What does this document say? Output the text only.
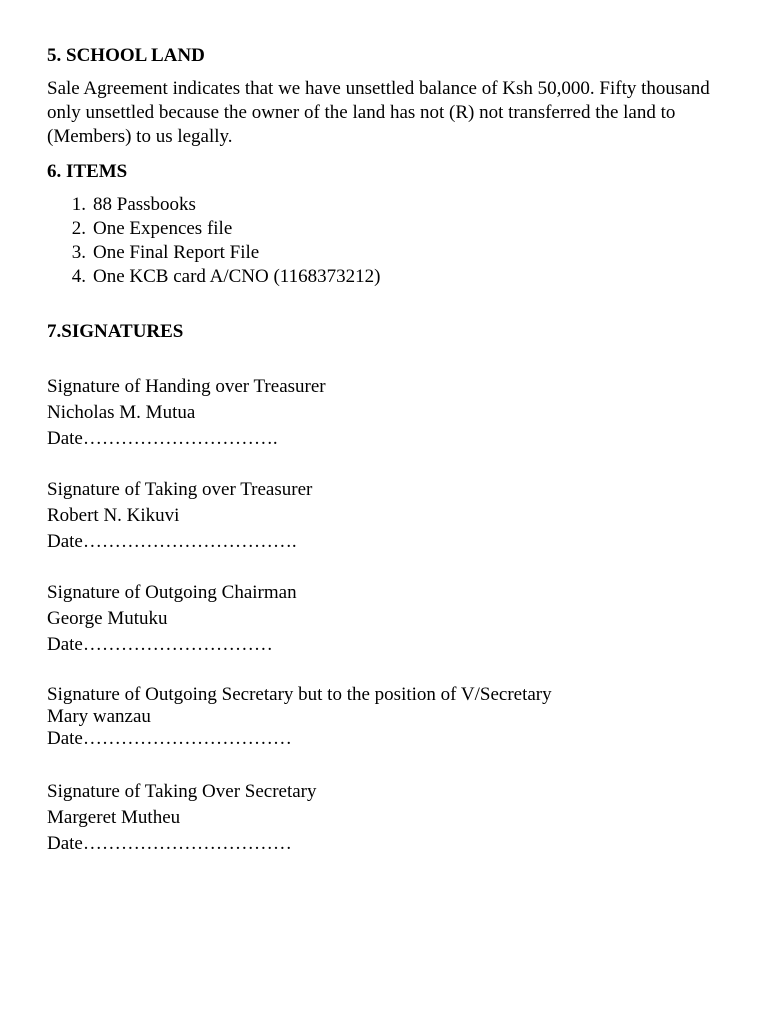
5. SCHOOL LAND
Sale Agreement indicates that we have unsettled balance of Ksh 50,000. Fifty thousand only unsettled because the owner of the land has not (R) not transferred the land to (Members) to us legally.
6. ITEMS
1. 88 Passbooks
2. One Expences file
3. One Final Report File
4. One KCB card A/CNO (1168373212)
7.SIGNATURES
Signature of Handing over Treasurer
Nicholas M. Mutua
Date………………………….
Signature of Taking over Treasurer
Robert N. Kikuvi
Date…………………………….
Signature of Outgoing Chairman
George Mutuku
Date…………………………
Signature of Outgoing Secretary but to the position of V/Secretary
Mary wanzau
Date……………………………
Signature of Taking Over Secretary
Margeret Mutheu
Date……………………………
